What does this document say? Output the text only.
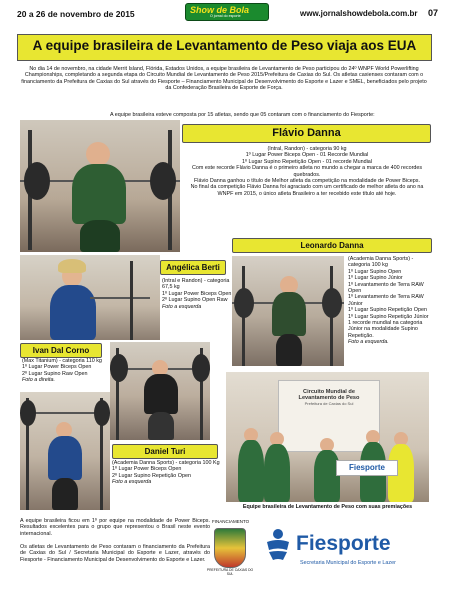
20 a 26 de novembro de 2015	Show de Bola
O jornal do esporte	www.jornalshowdebola.com.br 07
A equipe brasileira de Levantamento de Peso viaja aos EUA
No dia 14 de novembro, na cidade Merrit Island, Flórida, Estados Unidos, a equipe brasileira de Levantamento de Peso participou do 24º WNPF World Powerlifting Championships, completando a segunda etapa do Circuito Mundial de Levantamento de Peso 2015/Prefeitura de Caxias do Sul. Os atletas caxienses contaram com o financiamento da Prefeitura de Caxias do Sul através do Fiesporte – Financiamento Municipal de Desenvolvimento do Esporte e Lazer e SMEL, beneficiados pelo projeto da Confederação Brasileira de Esporte de Força.
A equipe brasileira esteve composta por 15 atletas, sendo que 05 contaram com o financiamento do Fiesporte:
Flávio Danna
(Intral, Randon) - categoria 90 kg
1º Lugar Power Biceps Open - 01 Recorde Mundial
1º Lugar Supino Repetição Open - 01 recorde Mundial
Com este recorde Flávio Danna é o primeiro atleta no mundo a chegar a marca de 400 recordes quebrados.
Flávio Danna ganhou o título de Melhor atleta da competição na modalidade de Power Biceps.
No final da competição Flávio Danna foi agraciado com um certificado de melhor atleta do ano na WNPF em 2015, o único atleta Brasileiro a ter recebido este título até hoje.
Angélica Berti
(Intral e Randon) - categoria 67,5 kg
1º Lugar Power Biceps Open
2º Lugar Supino Open Raw
Foto a esquerda
Leonardo Danna
(Academia Danna Sports) - categoria 100 kg
1º Lugar Supino Open
1º Lugar Supino Júnior
1º Levantamento de Terra RAW Open
1º Levantamento de Terra RAW Júnior
1º Lugar Supino Repetição Open
1º Lugar Supino Repetição Júnior
1 recorde mundial na categoria Júnior na modalidade Supino Repetição.
Foto a esquerda.
Ivan Dal Corno
(Max Titanium) - categoria 110 kg
1º Lugar Power Biceps Open
2º Lugar Supino Raw Open
Foto a direita.
Circuito Mundial de
Levantamento de Peso
Prefeitura de Caxias do Sul
Fiesporte
Equipe brasileira de Levantamento de Peso com suas premiações
Daniel Turi
(Academia Danna Sports) - categoria 100 Kg
1º Lugar Power Biceps Open
2º Lugar Supino Repetição Open
Foto a esquerda
A equipe brasileira ficou em 1º por equipe na modalidade de Power Biceps. Resultados excelentes para o grupo que representou o Brasil neste evento internacional.
Os atletas de Levantamento de Peso contaram o financiamento da Prefeitura de Caxias do Sul / Secretaria Municipal do Esporte e Lazer, através do Fiesporte - Financiamento Municipal de Desenvolvimento do Esporte e Lazer.
FINANCIAMENTO
PREFEITURA DE CAXIAS DO SUL
Fiesporte
Secretaria Municipal do Esporte e Lazer
